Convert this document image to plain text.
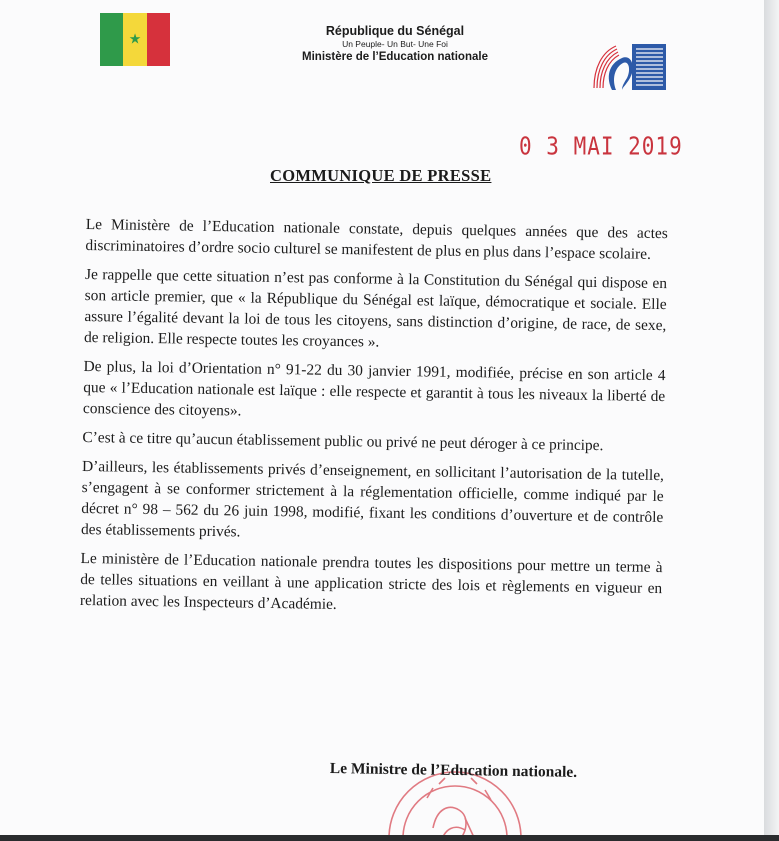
★
République du Sénégal
Un Peuple- Un But- Une Foi
Ministère de l’Education nationale
0 3 MAI 2019
COMMUNIQUE DE PRESSE

Le Ministère de l’Education nationale constate, depuis quelques années que des actes discriminatoires d’ordre socio culturel se manifestent de plus en plus dans l’espace scolaire.

Je rappelle que cette situation n’est pas conforme à la Constitution du Sénégal qui dispose en son article premier, que « la République du Sénégal est laïque, démocratique et sociale. Elle assure l’égalité devant la loi de tous les citoyens, sans distinction d’origine, de race, de sexe, de religion. Elle respecte toutes les croyances ».

De plus, la loi d’Orientation n° 91-22 du 30 janvier 1991, modifiée, précise en son article 4 que « l’Education nationale est laïque : elle respecte et garantit à tous les niveaux la liberté de conscience des citoyens».

C’est à ce titre qu’aucun établissement public ou privé ne peut déroger à ce principe.

D’ailleurs, les établissements privés d’enseignement, en sollicitant l’autorisation de la tutelle, s’engagent à se conformer strictement à la réglementation officielle, comme indiqué par le décret n° 98 – 562 du 26 juin 1998, modifié, fixant les conditions d’ouverture et de contrôle des établissements privés.

Le ministère de l’Education nationale prendra toutes les dispositions pour mettre un terme à de telles situations en veillant à une application stricte des lois et règlements en vigueur en relation avec les Inspecteurs d’Académie.

Le Ministre de l’Education nationale.
